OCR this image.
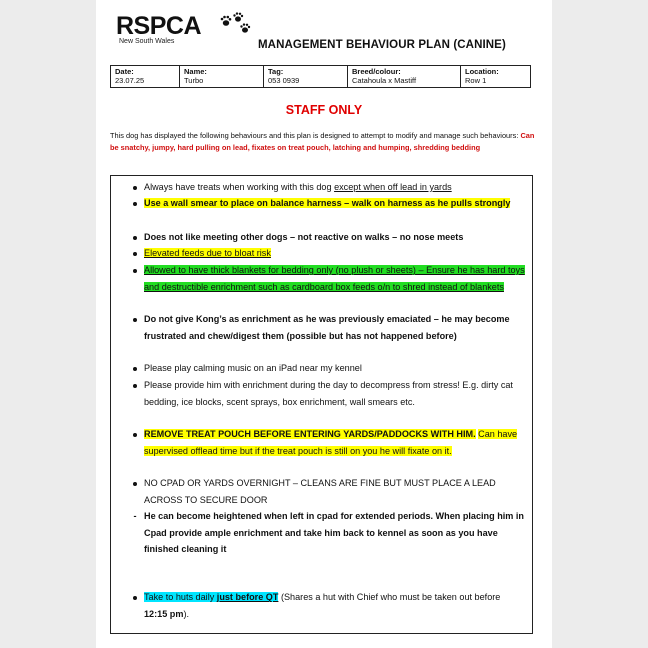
RSPCA
New South Wales	MANAGEMENT BEHAVIOUR PLAN (CANINE)
Date:
23.07.25	
Name:
Turbo	
Tag:
053 0939	
Breed/colour:
Catahoula x Mastiff	
Location:
Row 1
STAFF ONLY
This dog has displayed the following behaviours and this plan is designed to attempt to modify and manage such behaviours: Can be snatchy, jumpy, hard pulling on lead, fixates on treat pouch, latching and humping, shredding bedding
Always have treats when working with this dog except when off lead in yards
Use a wall smear to place on balance harness – walk on harness as he pulls strongly
Does not like meeting other dogs – not reactive on walks – no nose meets
Elevated feeds due to bloat risk
Allowed to have thick blankets for bedding only (no plush or sheets) – Ensure he has hard toys and destructible enrichment such as cardboard box feeds o/n to shred instead of blankets
Do not give Kong’s as enrichment as he was previously emaciated – he may become frustrated and chew/digest them (possible but has not happened before)
Please play calming music on an iPad near my kennel
Please provide him with enrichment during the day to decompress from stress! E.g. dirty cat bedding, ice blocks, scent sprays, box enrichment, wall smears etc.
REMOVE TREAT POUCH BEFORE ENTERING YARDS/PADDOCKS WITH HIM. Can have supervised offlead time but if the treat pouch is still on you he will fixate on it.
NO CPAD OR YARDS OVERNIGHT – CLEANS ARE FINE BUT MUST PLACE A LEAD ACROSS TO SECURE DOOR
- He can become heightened when left in cpad for extended periods. When placing him in Cpad provide ample enrichment and take him back to kennel as soon as you have finished cleaning it
Take to huts daily just before QT (Shares a hut with Chief who must be taken out before 12:15 pm).
